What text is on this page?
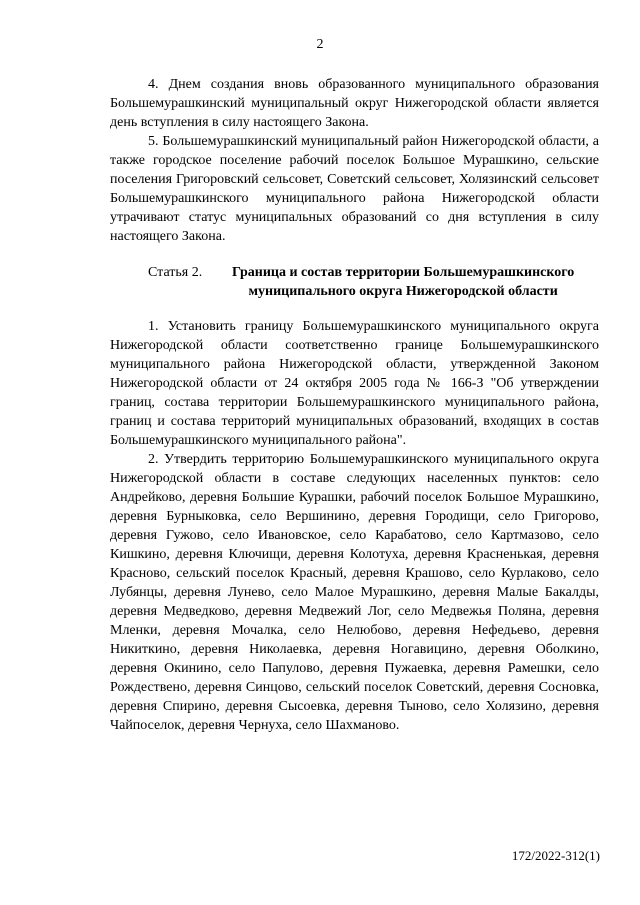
2

4. Днем создания вновь образованного муниципального образования Большемурашкинский муниципальный округ Нижегородской области является день вступления в силу настоящего Закона.

5. Большемурашкинский муниципальный район Нижегородской области, а также городское поселение рабочий поселок Большое Мурашкино, сельские поселения Григоровский сельсовет, Советский сельсовет, Холязинский сельсовет Большемурашкинского муниципального района Нижегородской области утрачивают статус муниципальных образований со дня вступления в силу настоящего Закона.

Статья 2.	Граница и состав территории Большемурашкинского муниципального округа Нижегородской области

1. Установить границу Большемурашкинского муниципального округа Нижегородской области соответственно границе Большемурашкинского муниципального района Нижегородской области, утвержденной Законом Нижегородской области от 24 октября 2005 года № 166-З "Об утверждении границ, состава территории Большемурашкинского муниципального района, границ и состава территорий муниципальных образований, входящих в состав Большемурашкинского муниципального района".

2. Утвердить территорию Большемурашкинского муниципального округа Нижегородской области в составе следующих населенных пунктов: село Андрейково, деревня Большие Курашки, рабочий поселок Большое Мурашкино, деревня Бурныковка, село Вершинино, деревня Городищи, село Григорово, деревня Гужово, село Ивановское, село Карабатово, село Картмазово, село Кишкино, деревня Ключищи, деревня Колотуха, деревня Красненькая, деревня Красново, сельский поселок Красный, деревня Крашово, село Курлаково, село Лубянцы, деревня Лунево, село Малое Мурашкино, деревня Малые Бакалды, деревня Медведково, деревня Медвежий Лог, село Медвежья Поляна, деревня Мленки, деревня Мочалка, село Нелюбово, деревня Нефедьево, деревня Никиткино, деревня Николаевка, деревня Ногавицино, деревня Оболкино, деревня Окинино, село Папулово, деревня Пужаевка, деревня Рамешки, село Рождествено, деревня Синцово, сельский поселок Советский, деревня Сосновка, деревня Спирино, деревня Сысоевка, деревня Тыново, село Холязино, деревня Чайпоселок, деревня Чернуха, село Шахманово.

172/2022-312(1)
